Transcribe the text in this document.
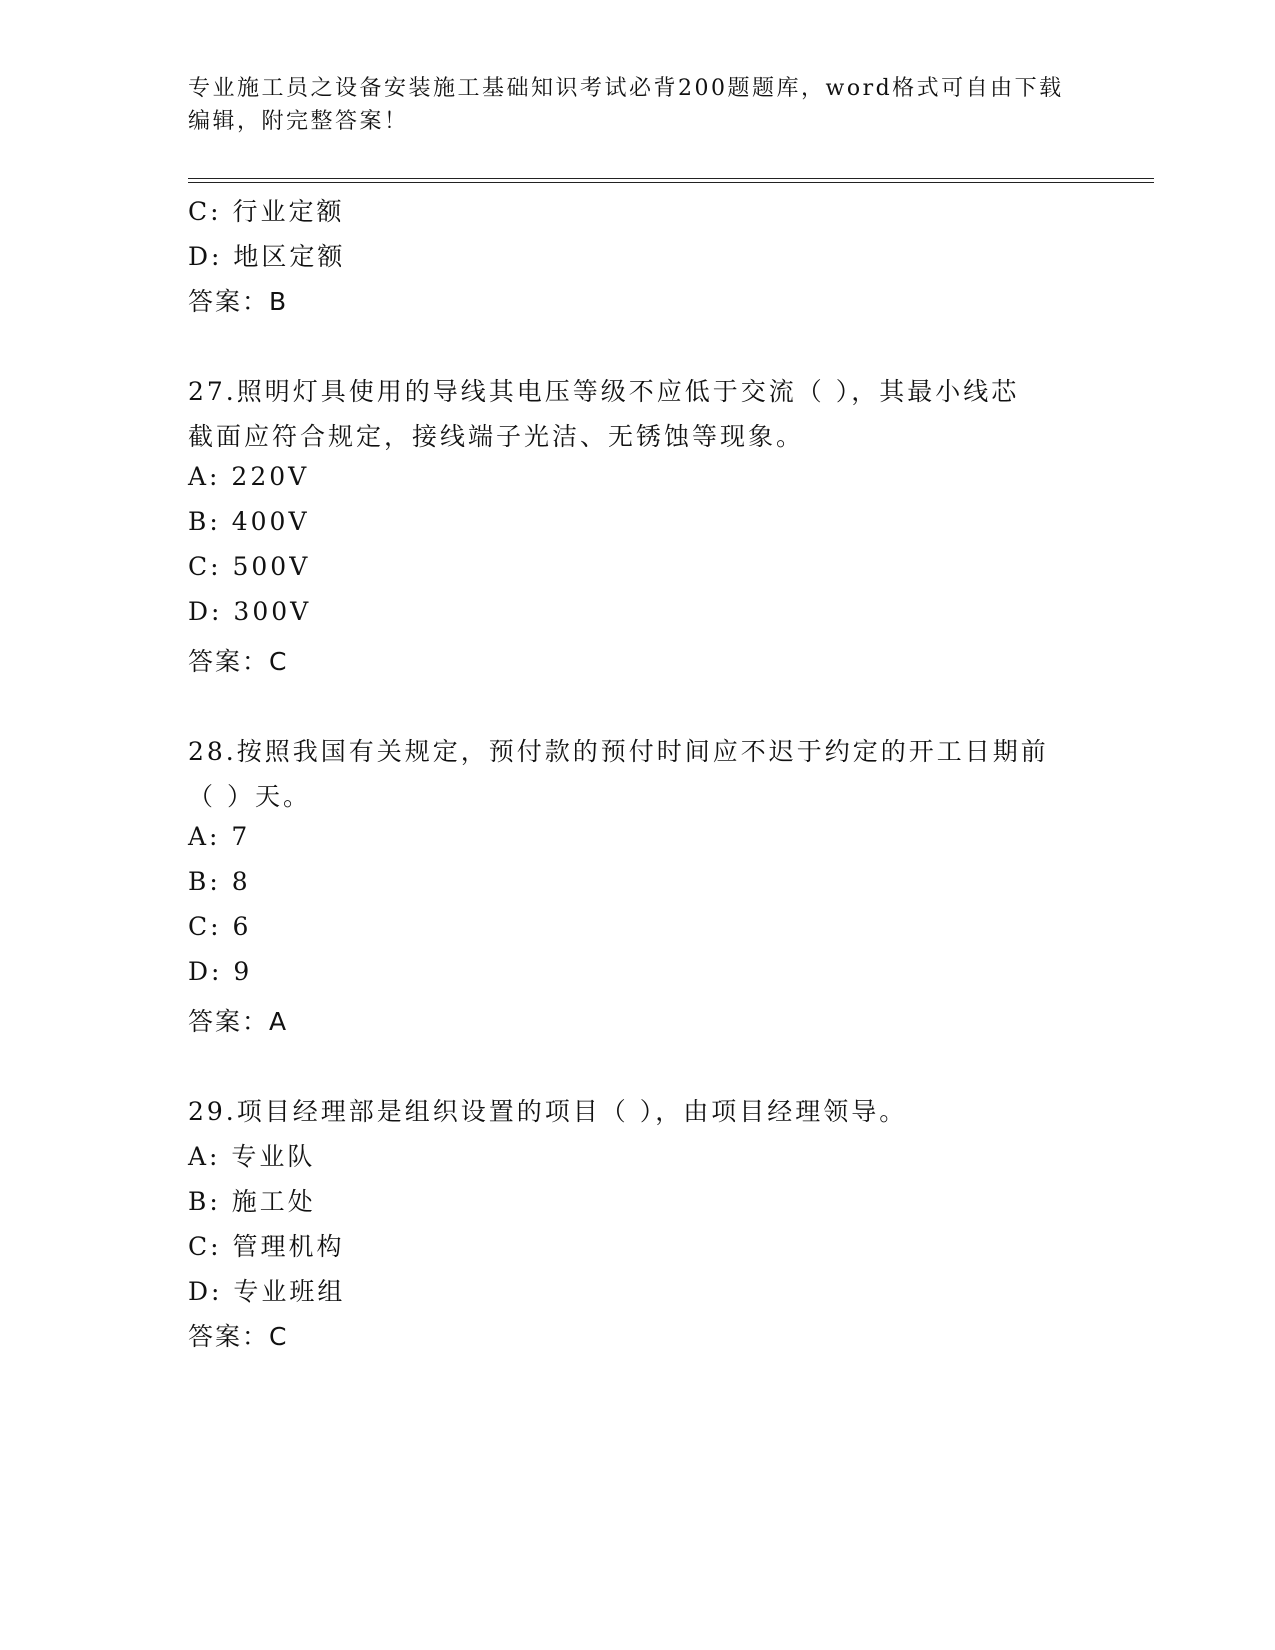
专业施工员之设备安装施工基础知识考试必背200题题库，word格式可自由下载
编辑，附完整答案！
C: 行业定额
D: 地区定额
答案：B
27.照明灯具使用的导线其电压等级不应低于交流（ ），其最小线芯
截面应符合规定，接线端子光洁、无锈蚀等现象。
A: 220V
B: 400V
C: 500V
D: 300V
答案：C
28.按照我国有关规定，预付款的预付时间应不迟于约定的开工日期前
（ ）天。
A: 7
B: 8
C: 6
D: 9
答案：A
29.项目经理部是组织设置的项目（ ），由项目经理领导。
A: 专业队
B: 施工处
C: 管理机构
D: 专业班组
答案：C
